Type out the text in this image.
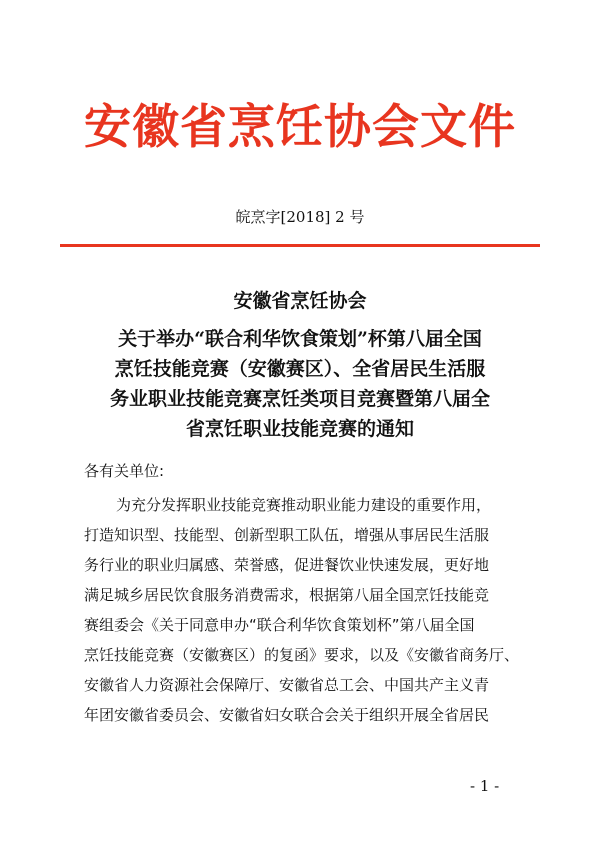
安徽省烹饪协会文件
皖烹字[2018] 2 号
安徽省烹饪协会
关于举办“联合利华饮食策划”杯第八届全国
烹饪技能竞赛（安徽赛区）、全省居民生活服
务业职业技能竞赛烹饪类项目竞赛暨第八届全
省烹饪职业技能竞赛的通知
各有关单位:
为充分发挥职业技能竞赛推动职业能力建设的重要作用，
打造知识型、技能型、创新型职工队伍，增强从事居民生活服
务行业的职业归属感、荣誉感，促进餐饮业快速发展，更好地
满足城乡居民饮食服务消费需求，根据第八届全国烹饪技能竞
赛组委会《关于同意申办“联合利华饮食策划杯”第八届全国
烹饪技能竞赛（安徽赛区）的复函》要求，以及《安徽省商务厅、
安徽省人力资源社会保障厅、安徽省总工会、中国共产主义青
年团安徽省委员会、安徽省妇女联合会关于组织开展全省居民
- 1 -
